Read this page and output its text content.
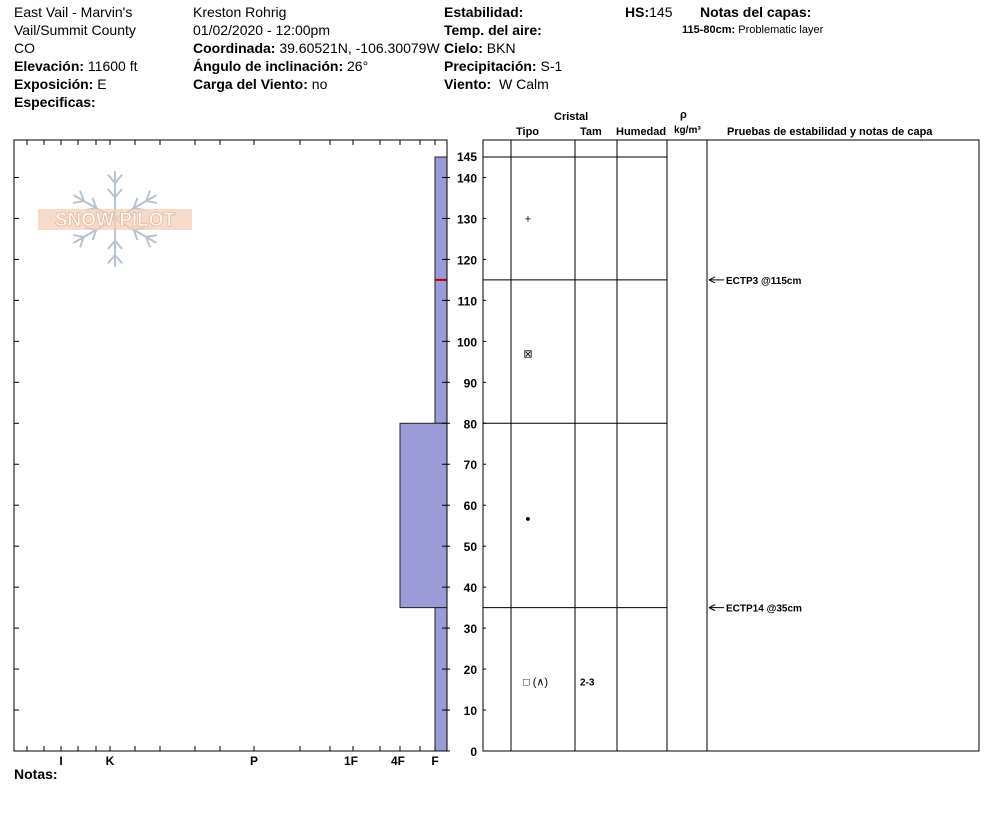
East Vail - Marvin's
Vail/Summit County
CO
Elevación: 11600 ft
Exposición: E
Especificas:
Kreston Rohrig
01/02/2020 - 12:00pm
Coordinada: 39.60521N, -106.30079W
Ángulo de inclinación: 26°
Carga del Viento: no
Estabilidad:
Temp. del aire:
Cielo: BKN
Precipitación: S-1
Viento: W Calm
HS:145 Notas del capas:
115-80cm: Problematic layer
Notas:
Cristal
Tipo	Tam Humedad
ρ
kg/m³ Pruebas de estabilidad y notas de capa
SNOW PILOT
I	K	P	1F	4F F
0
10
20
30
40
50
60
70
80
90
100
110
120
130
140
145
+
⊠
●
□ (∧)	2-3
ECTP3 @115cm
ECTP14 @35cm
